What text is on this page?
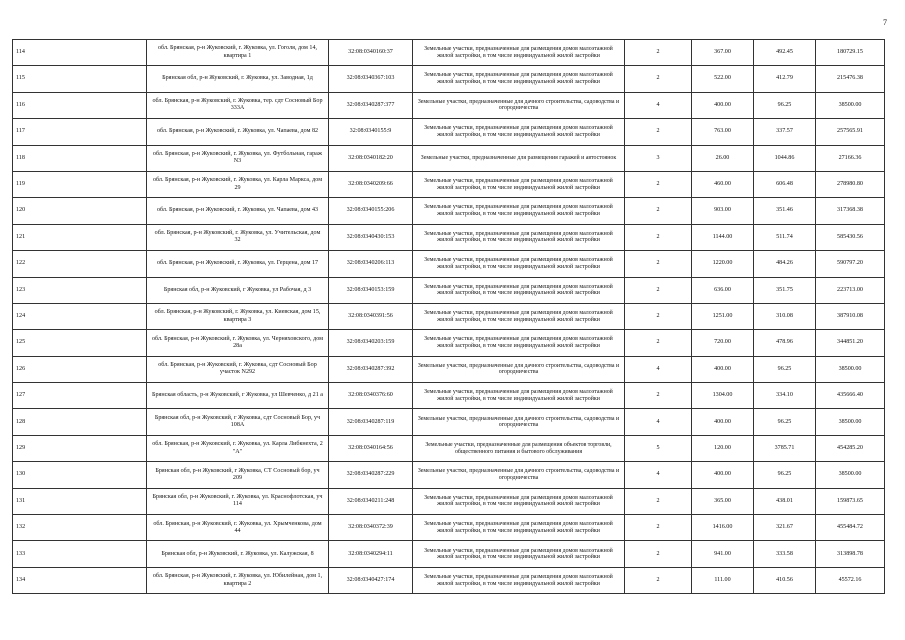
7
114	обл. Брянская, р-н Жуковский, г. Жуковка, ул. Гоголя, дом 14, квартира 1	32:08:0340160:37	Земельные участки, предназначенные для размещения домов малоэтажной жилой застройки, в том числе индивидуальной жилой застройки	2	367.00	492.45	180729.15
115	Брянская обл, р-н Жуковский, г. Жуковка, ул. Заводная, 1д	32:08:0340367:103	Земельные участки, предназначенные для размещения домов малоэтажной жилой застройки, в том числе индивидуальной жилой застройки	2	522.00	412.79	215476.38
116	обл. Брянская, р-н Жуковский, г. Жуковка, тер. сдт Сосновый Бор 333А	32:08:0340287:377	Земельные участки, предназначенные для дачного строительства, садоводства и огородничества	4	400.00	96.25	38500.00
117	обл. Брянская, р-н Жуковский, г. Жуковка, ул. Чапаева, дом 82	32:08:0340155:9	Земельные участки, предназначенные для размещения домов малоэтажной жилой застройки, в том числе индивидуальной жилой застройки	2	763.00	337.57	257565.91
118	обл. Брянская, р-н Жуковский, г. Жуковка, ул. Футбольная, гараж N3	32:08:0340182:20	Земельные участки, предназначенные для размещения гаражей и автостоянок	3	26.00	1044.86	27166.36
119	обл. Брянская, р-н Жуковский, г. Жуковка, ул. Карла Маркса, дом 29	32:08:0340209:66	Земельные участки, предназначенные для размещения домов малоэтажной жилой застройки, в том числе индивидуальной жилой застройки	2	460.00	606.48	278980.80
120	обл. Брянская, р-н Жуковский, г. Жуковка, ул. Чапаева, дом 43	32:08:0340155:206	Земельные участки, предназначенные для размещения домов малоэтажной жилой застройки, в том числе индивидуальной жилой застройки	2	903.00	351.46	317368.38
121	обл. Брянская, р-н Жуковский, г. Жуковка, ул. Учительская, дом 32	32:08:0340430:153	Земельные участки, предназначенные для размещения домов малоэтажной жилой застройки, в том числе индивидуальной жилой застройки	2	1144.00	511.74	585430.56
122	обл. Брянская, р-н Жуковский, г. Жуковка, ул. Герцена, дом 17	32:08:0340206:113	Земельные участки, предназначенные для размещения домов малоэтажной жилой застройки, в том числе индивидуальной жилой застройки	2	1220.00	484.26	590797.20
123	Брянская обл, р-н Жуковский, г Жуковка, ул Рабочая, д 3	32:08:0340153:159	Земельные участки, предназначенные для размещения домов малоэтажной жилой застройки, в том числе индивидуальной жилой застройки	2	636.00	351.75	223713.00
124	обл. Брянская, р-н Жуковский, г. Жуковка, ул. Киевская, дом 15, квартира 3	32:08:0340391:56	Земельные участки, предназначенные для размещения домов малоэтажной жилой застройки, в том числе индивидуальной жилой застройки	2	1251.00	310.08	387910.08
125	обл. Брянская, р-н Жуковский, г. Жуковка, ул. Черняховского, дом 28а	32:08:0340203:159	Земельные участки, предназначенные для размещения домов малоэтажной жилой застройки, в том числе индивидуальной жилой застройки	2	720.00	478.96	344851.20
126	обл. Брянская, р-н Жуковский, г. Жуковка, сдт Сосновый Бор участок N292	32:08:0340287:392	Земельные участки, предназначенные для дачного строительства, садоводства и огородничества	4	400.00	96.25	38500.00
127	Брянская область, р-н Жуковский, г Жуковка, ул Шевченко, д 21 а	32:08:0340376:60	Земельные участки, предназначенные для размещения домов малоэтажной жилой застройки, в том числе индивидуальной жилой застройки	2	1304.00	334.10	435666.40
128	Брянская обл, р-н Жуковский, г Жуковка, сдт Сосновый Бор, уч 108А	32:08:0340287:119	Земельные участки, предназначенные для дачного строительства, садоводства и огородничества	4	400.00	96.25	38500.00
129	обл. Брянская, р-н Жуковский, г. Жуковка, ул. Карла Либкнехта, 2 "А"	32:08:0340164:56	Земельные участки, предназначенные для размещения объектов торговли, общественного питания и бытового обслуживания	5	120.00	3785.71	454285.20
130	Брянская обл, р-н Жуковский, г Жуковка, СТ Сосновый бор, уч 209	32:08:0340287:229	Земельные участки, предназначенные для дачного строительства, садоводства и огородничества	4	400.00	96.25	38500.00
131	Брянская обл, р-н Жуковский, г. Жуковка, ул. Краснофлотская, уч 114	32:08:0340211:248	Земельные участки, предназначенные для размещения домов малоэтажной жилой застройки, в том числе индивидуальной жилой застройки	2	365.00	438.01	159873.65
132	обл. Брянская, р-н Жуковский, г. Жуковка, ул. Хрымченкова, дом 44	32:08:0340372:39	Земельные участки, предназначенные для размещения домов малоэтажной жилой застройки, в том числе индивидуальной жилой застройки	2	1416.00	321.67	455484.72
133	Брянская обл, р-н Жуковский, г. Жуковка, ул. Калужская, 8	32:08:0340294:11	Земельные участки, предназначенные для размещения домов малоэтажной жилой застройки, в том числе индивидуальной жилой застройки	2	941.00	333.58	313898.78
134	обл. Брянская, р-н Жуковский, г. Жуковка, ул. Юбилейная, дом 1, квартира 2	32:08:0340427:174	Земельные участки, предназначенные для размещения домов малоэтажной жилой застройки, в том числе индивидуальной жилой застройки	2	111.00	410.56	45572.16
